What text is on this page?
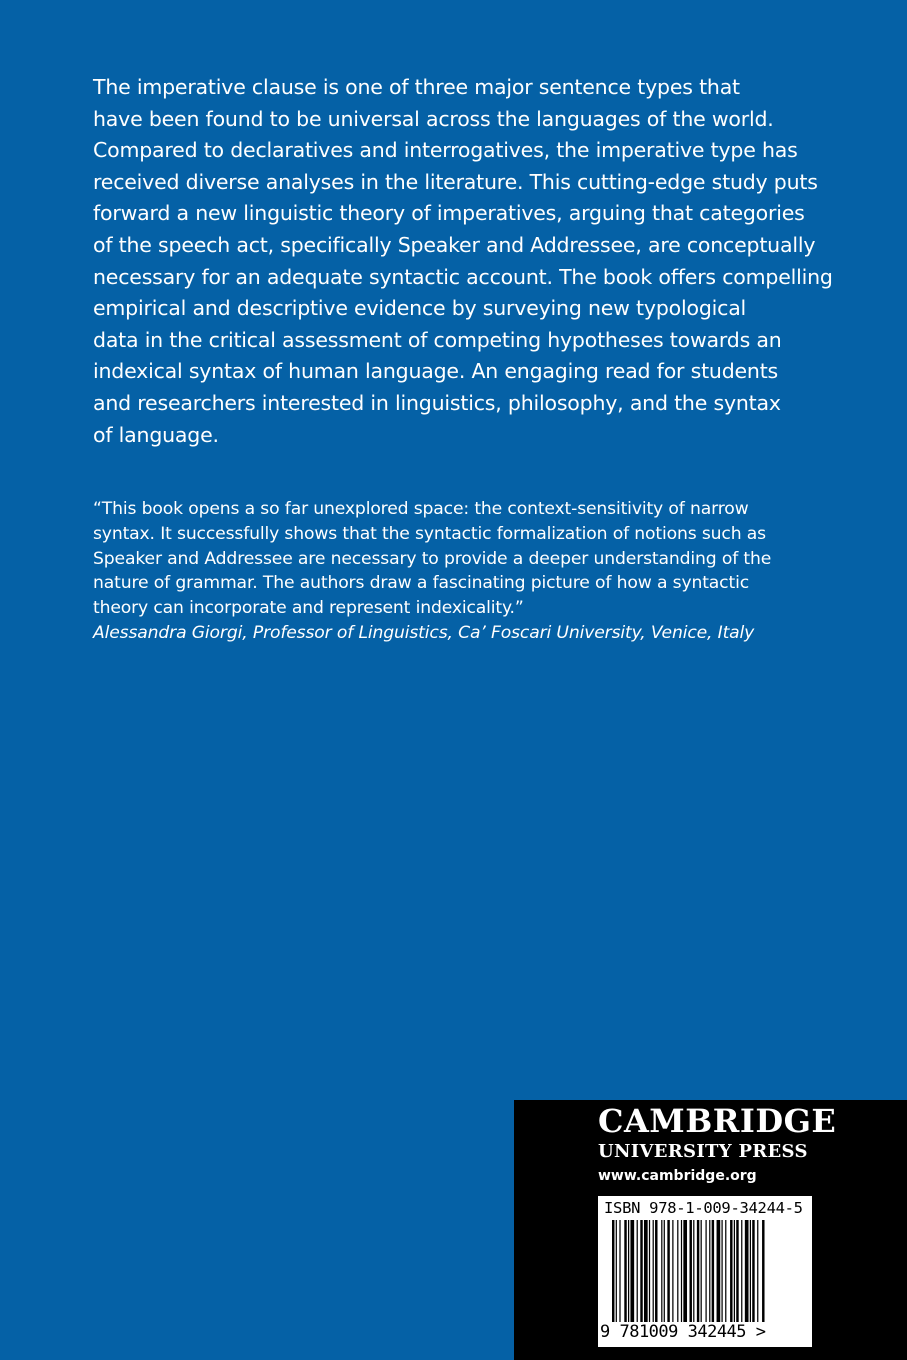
The imperative clause is one of three major sentence types that
have been found to be universal across the languages of the world.
Compared to declaratives and interrogatives, the imperative type has
received diverse analyses in the literature. This cutting-edge study puts
forward a new linguistic theory of imperatives, arguing that categories
of the speech act, specifically Speaker and Addressee, are conceptually
necessary for an adequate syntactic account. The book offers compelling
empirical and descriptive evidence by surveying new typological
data in the critical assessment of competing hypotheses towards an
indexical syntax of human language. An engaging read for students
and researchers interested in linguistics, philosophy, and the syntax
of language.
“This book opens a so far unexplored space: the context-sensitivity of narrow
syntax. It successfully shows that the syntactic formalization of notions such as
Speaker and Addressee are necessary to provide a deeper understanding of the
nature of grammar. The authors draw a fascinating picture of how a syntactic
theory can incorporate and represent indexicality.”
Alessandra Giorgi, Professor of Linguistics, Ca’ Foscari University, Venice, Italy
CAMBRIDGE
UNIVERSITY PRESS
www.cambridge.org
ISBN 978-1-009-34244-5
9 781009 342445 >
